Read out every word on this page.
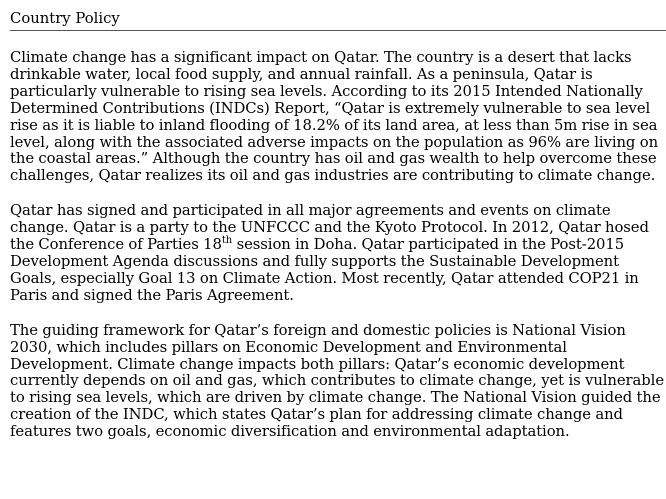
Country Policy

Climate change has a significant impact on Qatar. The country is a desert that lacks drinkable water, local food supply, and annual rainfall. As a peninsula, Qatar is particularly vulnerable to rising sea levels. According to its 2015 Intended Nationally Determined Contributions (INDCs) Report, “Qatar is extremely vulnerable to sea level rise as it is liable to inland flooding of 18.2% of its land area, at less than 5m rise in sea level, along with the associated adverse impacts on the population as 96% are living on the coastal areas.” Although the country has oil and gas wealth to help overcome these challenges, Qatar realizes its oil and gas industries are contributing to climate change.

Qatar has signed and participated in all major agreements and events on climate change. Qatar is a party to the UNFCCC and the Kyoto Protocol. In 2012, Qatar hosed the Conference of Parties 18th session in Doha. Qatar participated in the Post-2015 Development Agenda discussions and fully supports the Sustainable Development Goals, especially Goal 13 on Climate Action. Most recently, Qatar attended COP21 in Paris and signed the Paris Agreement.

The guiding framework for Qatar’s foreign and domestic policies is National Vision 2030, which includes pillars on Economic Development and Environmental Development. Climate change impacts both pillars: Qatar’s economic development currently depends on oil and gas, which contributes to climate change, yet is vulnerable to rising sea levels, which are driven by climate change. The National Vision guided the creation of the INDC, which states Qatar’s plan for addressing climate change and features two goals, economic diversification and environmental adaptation.
